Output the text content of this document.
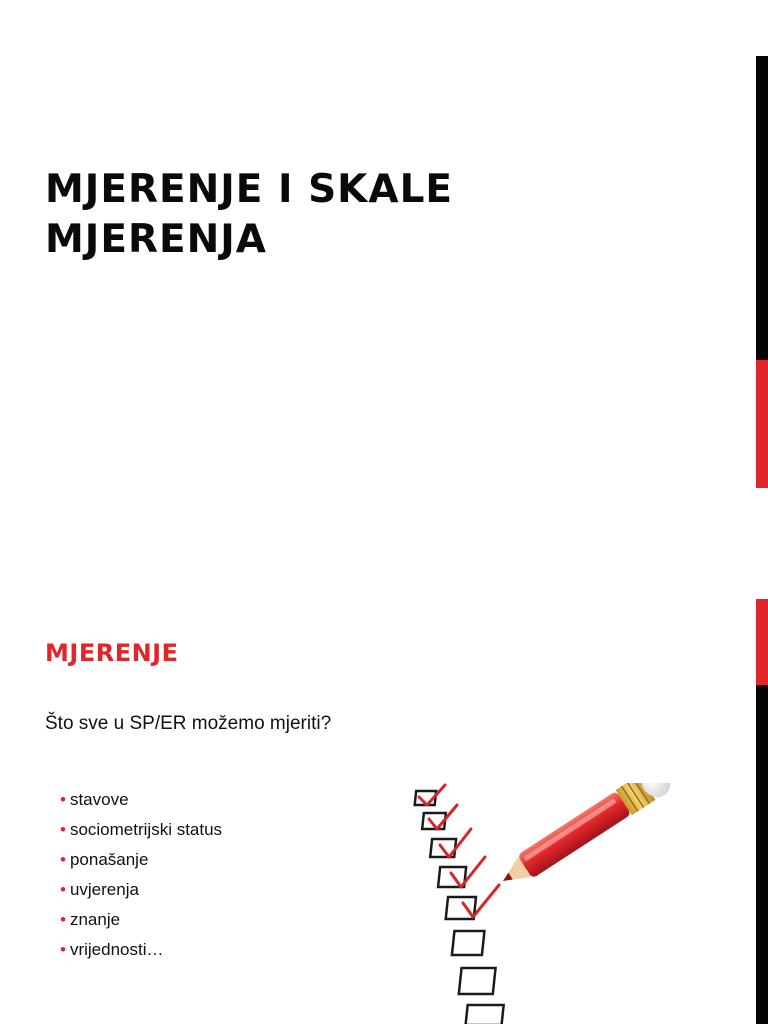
MJERENJE I SKALE MJERENJA
MJERENJE

Što sve u SP/ER možemo mjeriti?

• stavove
• sociometrijski status
• ponašanje
• uvjerenja
• znanje
• vrijednosti…
